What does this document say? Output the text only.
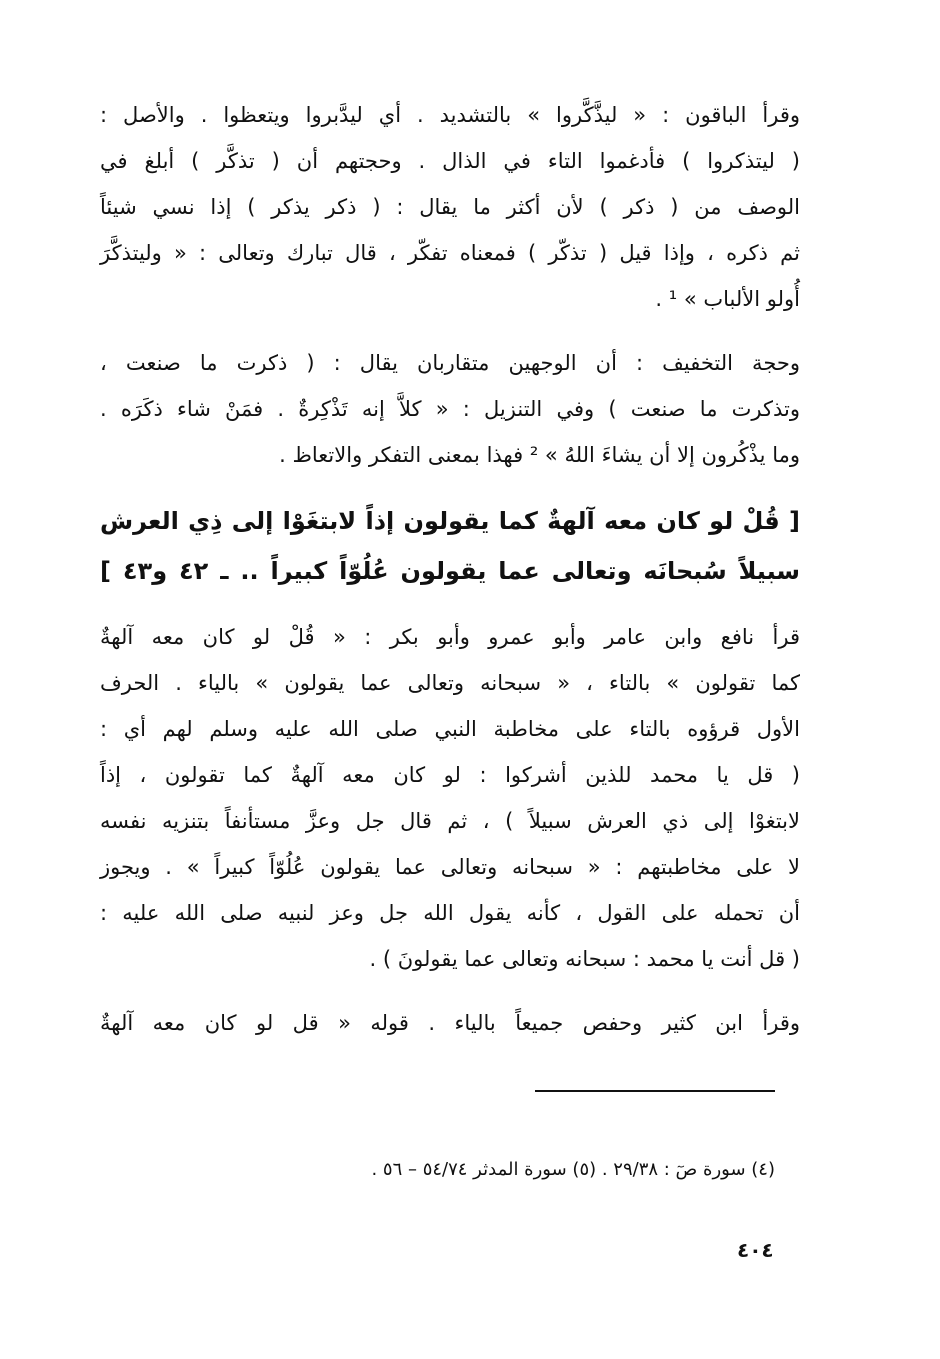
وقرأ الباقون : « ليذَّكَّروا » بالتشديد . أي ليدَّبروا ويتعظوا . والأصل :
( ليتذكروا ) فأدغموا التاء في الذال . وحجتهم أن ( تذكَّر ) أبلغ في
الوصف من ( ذكر ) لأن أكثر ما يقال : ( ذكر يذكر ) إذا نسي شيئاً
ثم ذكره ، وإذا قيل ( تذكّر ) فمعناه تفكّر ، قال تبارك وتعالى : « وليتذكَّرَ
أُولو الألباب » ¹ .
وحجة التخفيف : أن الوجهين متقاربان يقال : ( ذكرت ما صنعت ،
وتذكرت ما صنعت ) وفي التنزيل : « كلاَّ إنه تَذْكِرةٌ . فمَنْ شاء ذكَرَه .
وما يذْكُرون إلا أن يشاءَ اللهُ » ² فهذا بمعنى التفكر والاتعاظ .
[ قُلْ لو كان معه آلهةٌ كما يقولون إذاً لابتغَوْا إلى ذِي العرش
سبيلاً سُبحانَه وتعالى عما يقولون عُلُوّاً كبيراً .. ـ ٤٢ و٤٣ ]
قرأ نافع وابن عامر وأبو عمرو وأبو بكر : « قُلْ لو كان معه آلهةٌ
كما تقولون » بالتاء ، « سبحانه وتعالى عما يقولون » بالياء . الحرف
الأول قرؤوه بالتاء على مخاطبة النبي صلى الله عليه وسلم لهم أي :
( قل يا محمد للذين أشركوا : لو كان معه آلهةٌ كما تقولون ، إذاً
لابتغوْا إلى ذي العرش سبيلاً ) ، ثم قال جل وعزَّ مستأنفاً بتنزيه نفسه
لا على مخاطبتهم : « سبحانه وتعالى عما يقولون عُلُوّاً كبيراً » . ويجوز
أن تحمله على القول ، كأنه يقول الله جل وعز لنبيه صلى الله عليه :
( قل أنت يا محمد : سبحانه وتعالى عما يقولونَ ) .
وقرأ ابن كثير وحفص جميعاً بالياء . قوله « قل لو كان معه آلهةٌ
(٤) سورة صٓ : ٢٩/٣٨ . (٥) سورة المدثر ٥٤/٧٤ – ٥٦ .
٤٠٤
